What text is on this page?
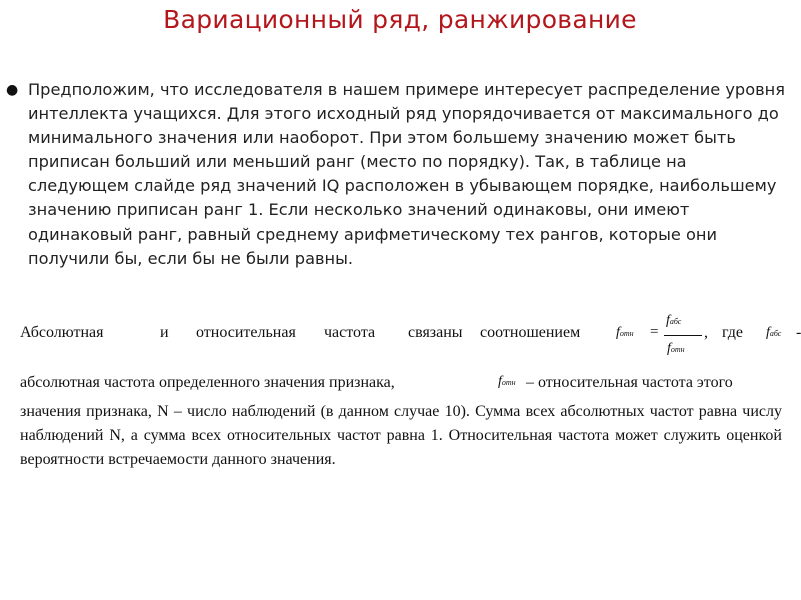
Вариационный ряд, ранжирование
● Предположим, что исследователя в нашем примере интересует распределение уровня интеллекта учащихся. Для этого исходный ряд упорядочивается от максимального до минимального значения или наоборот. При этом большему значению может быть приписан больший или меньший ранг (место по порядку). Так, в таблице на следующем слайде ряд значений IQ расположен в убывающем порядке, наибольшему значению приписан ранг 1. Если несколько значений одинаковы, они имеют одинаковый ранг, равный среднему арифметическому тех рангов, которые они получили бы, если бы не были равны.
Абсолютная	и относительная частота связаны соотношением	fотн =
fабс
fотн
, где fабс -
абсолютная частота определенного значения признака,	fотн – относительная частота этого
значения признака, N – число наблюдений (в данном случае 10). Сумма всех абсолютных частот равна числу наблюдений N, а сумма всех относительных частот равна 1. Относительная частота может служить оценкой вероятности встречаемости данного значения.
